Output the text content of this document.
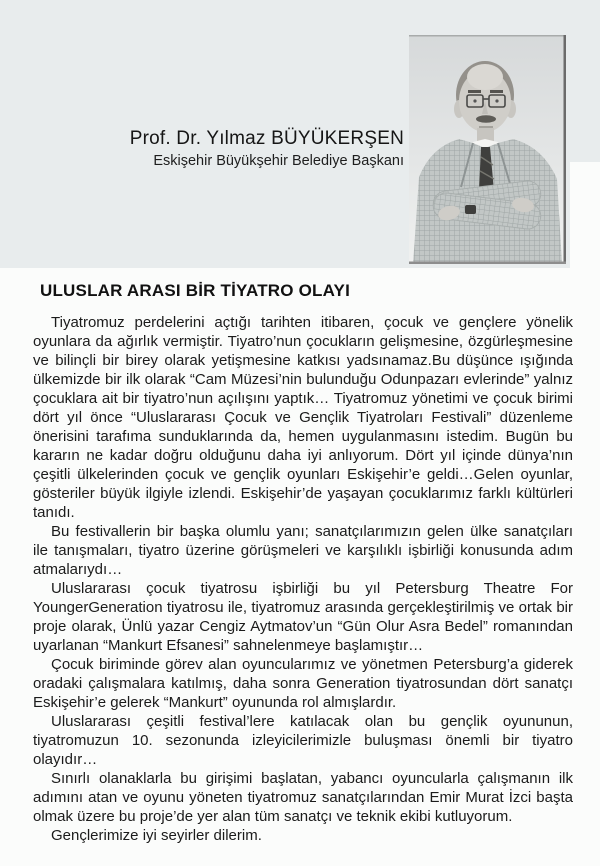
Prof. Dr. Yılmaz BÜYÜKERŞEN
Eskişehir Büyükşehir Belediye Başkanı
ULUSLAR ARASI BİR TİYATRO OLAYI

Tiyatromuz perdelerini açtığı tarihten itibaren, çocuk ve gençlere yönelik oyunlara da ağırlık vermiştir. Tiyatro’nun çocukların gelişmesine, özgürleşmesine ve bilinçli bir birey olarak yetişmesine katkısı yadsınamaz.Bu düşünce ışığında ülkemizde bir ilk olarak “Cam Müzesi’nin bulunduğu Odunpazarı evlerinde” yalnız çocuklara ait bir tiyatro’nun açılışını yaptık… Tiyatromuz yönetimi ve çocuk birimi dört yıl önce “Uluslararası Çocuk ve Gençlik Tiyatroları Festivali” düzenleme önerisini tarafıma sunduklarında da, hemen uygulanmasını istedim. Bugün bu kararın ne kadar doğru olduğunu daha iyi anlıyorum. Dört yıl içinde dünya’nın çeşitli ülkelerinden çocuk ve gençlik oyunları Eskişehir’e geldi…Gelen oyunlar, gösteriler büyük ilgiyle izlendi. Eskişehir’de yaşayan çocuklarımız farklı kültürleri tanıdı.

Bu festivallerin bir başka olumlu yanı; sanatçılarımızın gelen ülke sanatçıları ile tanışmaları, tiyatro üzerine görüşmeleri ve karşılıklı işbirliği konusunda adım atmalarıydı…

Uluslararası çocuk tiyatrosu işbirliği bu yıl Petersburg Theatre For YoungerGeneration tiyatrosu ile, tiyatromuz arasında gerçekleştirilmiş ve ortak bir proje olarak, Ünlü yazar Cengiz Aytmatov’un “Gün Olur Asra Bedel” romanından uyarlanan “Mankurt Efsanesi” sahnelenmeye başlamıştır…

Çocuk biriminde görev alan oyuncularımız ve yönetmen Petersburg’a giderek oradaki çalışmalara katılmış, daha sonra Generation tiyatrosundan dört sanatçı Eskişehir’e gelerek “Mankurt” oyununda rol almışlardır.

Uluslararası çeşitli festival’lere katılacak olan bu gençlik oyununun, tiyatromuzun 10. sezonunda izleyicilerimizle buluşması önemli bir tiyatro olayıdır…

Sınırlı olanaklarla bu girişimi başlatan, yabancı oyuncularla çalışmanın ilk adımını atan ve oyunu yöneten tiyatromuz sanatçılarından Emir Murat İzci başta olmak üzere bu proje’de yer alan tüm sanatçı ve teknik ekibi kutluyorum.

Gençlerimize iyi seyirler dilerim.
